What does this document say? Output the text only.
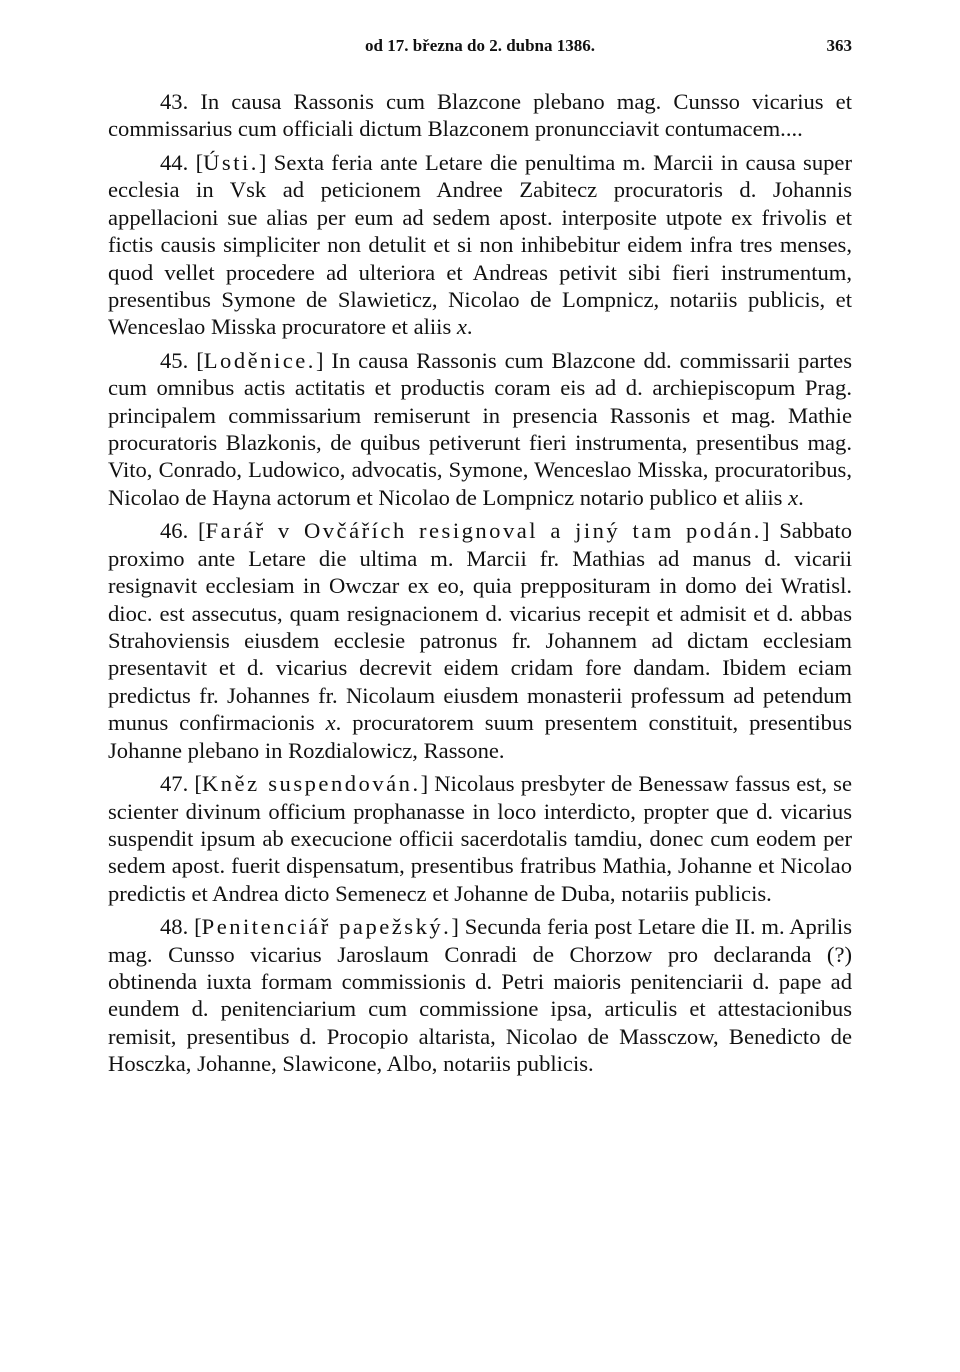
od 17. března do 2. dubna 1386.	363

43. In causa Rassonis cum Blazcone plebano mag. Cunsso vicarius et commissarius cum officiali dictum Blazconem pronuncciavit contumacem....

44. [Ústi.] Sexta feria ante Letare die penultima m. Marcii in causa super ecclesia in Vsk ad peticionem Andree Zabitecz procuratoris d. Johannis appellacioni sue alias per eum ad sedem apost. interposite utpote ex frivolis et fictis causis simpliciter non detulit et si non inhibebitur eidem infra tres menses, quod vellet procedere ad ulteriora et Andreas petivit sibi fieri instrumentum, presentibus Symone de Slawieticz, Nicolao de Lompnicz, notariis publicis, et Wenceslao Misska procuratore et aliis x.

45. [Loděnice.] In causa Rassonis cum Blazcone dd. commissarii partes cum omnibus actis actitatis et productis coram eis ad d. archiepiscopum Prag. principalem commissarium remiserunt in presencia Rassonis et mag. Mathie procuratoris Blazkonis, de quibus petiverunt fieri instrumenta, presentibus mag. Vito, Conrado, Ludowico, advocatis, Symone, Wenceslao Misska, procuratoribus, Nicolao de Hayna actorum et Nicolao de Lompnicz notario publico et aliis x.

46. [Farář v Ovčářích resignoval a jiný tam podán.] Sabbato proximo ante Letare die ultima m. Marcii fr. Mathias ad manus d. vicarii resignavit ecclesiam in Owczar ex eo, quia prepposituram in domo dei Wratisl. dioc. est assecutus, quam resignacionem d. vicarius recepit et admisit et d. abbas Strahoviensis eiusdem ecclesie patronus fr. Johannem ad dictam ecclesiam presentavit et d. vicarius decrevit eidem cridam fore dandam. Ibidem eciam predictus fr. Johannes fr. Nicolaum eiusdem monasterii professum ad petendum munus confirmacionis x. procuratorem suum presentem constituit, presentibus Johanne plebano in Rozdialowicz, Rassone.

47. [Kněz suspendován.] Nicolaus presbyter de Benessaw fassus est, se scienter divinum officium prophanasse in loco interdicto, propter que d. vicarius suspendit ipsum ab execucione officii sacerdotalis tamdiu, donec cum eodem per sedem apost. fuerit dispensatum, presentibus fratribus Mathia, Johanne et Nicolao predictis et Andrea dicto Semenecz et Johanne de Duba, notariis publicis.

48. [Penitenciář papežský.] Secunda feria post Letare die II. m. Aprilis mag. Cunsso vicarius Jaroslaum Conradi de Chorzow pro declaranda (?) obtinenda iuxta formam commissionis d. Petri maioris penitenciarii d. pape ad eundem d. penitenciarium cum commissione ipsa, articulis et attestacionibus remisit, presentibus d. Procopio altarista, Nicolao de Massczow, Benedicto de Hosczka, Johanne, Slawicone, Albo, notariis publicis.
